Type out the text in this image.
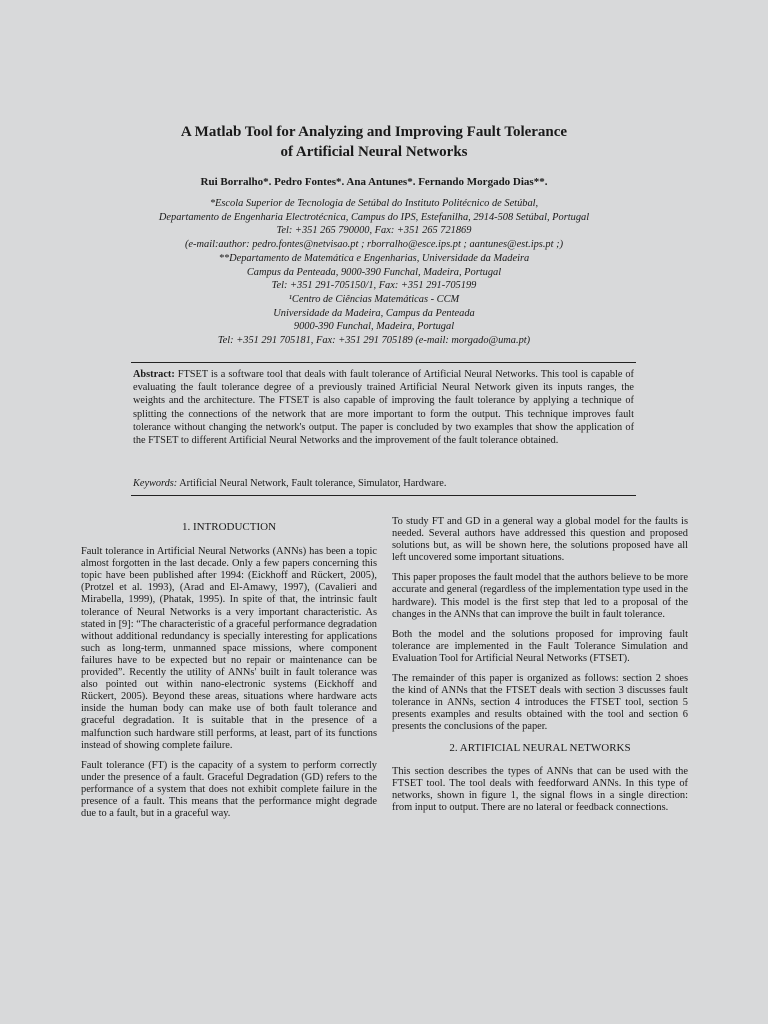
A Matlab Tool for Analyzing and Improving Fault Tolerance
of Artificial Neural Networks
Rui Borralho*. Pedro Fontes*. Ana Antunes*. Fernando Morgado Dias**.
*Escola Superior de Tecnologia de Setúbal do Instituto Politécnico de Setúbal,
Departamento de Engenharia Electrotécnica, Campus do IPS, Estefanilha, 2914-508 Setúbal, Portugal
Tel: +351 265 790000, Fax: +351 265 721869
(e-mail:author: pedro.fontes@netvisao.pt ; rborralho@esce.ips.pt ; aantunes@est.ips.pt ;)
**Departamento de Matemática e Engenharias, Universidade da Madeira
Campus da Penteada, 9000-390 Funchal, Madeira, Portugal
Tel: +351 291-705150/1, Fax: +351 291-705199
¹Centro de Ciências Matemáticas - CCM
Universidade da Madeira, Campus da Penteada
9000-390 Funchal, Madeira, Portugal
Tel: +351 291 705181, Fax: +351 291 705189 (e-mail: morgado@uma.pt)
Abstract: FTSET is a software tool that deals with fault tolerance of Artificial Neural Networks. This tool is capable of evaluating the fault tolerance degree of a previously trained Artificial Neural Network given its inputs ranges, the weights and the architecture. The FTSET is also capable of improving the fault tolerance by applying a technique of splitting the connections of the network that are more important to form the output. This technique improves fault tolerance without changing the network's output. The paper is concluded by two examples that show the application of the FTSET to different Artificial Neural Networks and the improvement of the fault tolerance obtained.
Keywords: Artificial Neural Network, Fault tolerance, Simulator, Hardware.
1. INTRODUCTION

Fault tolerance in Artificial Neural Networks (ANNs) has been a topic almost forgotten in the last decade. Only a few papers concerning this topic have been published after 1994: (Eickhoff and Rückert, 2005), (Protzel et al. 1993), (Arad and El-Amawy, 1997), (Cavalieri and Mirabella, 1999), (Phatak, 1995). In spite of that, the intrinsic fault tolerance of Neural Networks is a very important characteristic. As stated in [9]: “The characteristic of a graceful performance degradation without additional redundancy is specially interesting for applications such as long-term, unmanned space missions, where component failures have to be expected but no repair or maintenance can be provided”. Recently the utility of ANNs' built in fault tolerance was also pointed out within nano-electronic systems (Eickhoff and Rückert, 2005). Beyond these areas, situations where hardware acts inside the human body can make use of both fault tolerance and graceful degradation. It is suitable that in the presence of a malfunction such hardware still performs, at least, part of its functions instead of showing complete failure.

Fault tolerance (FT) is the capacity of a system to perform correctly under the presence of a fault. Graceful Degradation (GD) refers to the performance of a system that does not exhibit complete failure in the presence of a fault. This means that the performance might degrade due to a fault, but in a graceful way.

To study FT and GD in a general way a global model for the faults is needed. Several authors have addressed this question and proposed solutions but, as will be shown here, the solutions proposed have all left uncovered some important situations.

This paper proposes the fault model that the authors believe to be more accurate and general (regardless of the implementation type used in the hardware). This model is the first step that led to a proposal of the changes in the ANNs that can improve the built in fault tolerance.

Both the model and the solutions proposed for improving fault tolerance are implemented in the Fault Tolerance Simulation and Evaluation Tool for Artificial Neural Networks (FTSET).

The remainder of this paper is organized as follows: section 2 shoes the kind of ANNs that the FTSET deals with section 3 discusses fault tolerance in ANNs, section 4 introduces the FTSET tool, section 5 presents examples and results obtained with the tool and section 6 presents the conclusions of the paper.

2. ARTIFICIAL NEURAL NETWORKS

This section describes the types of ANNs that can be used with the FTSET tool. The tool deals with feedforward ANNs. In this type of networks, shown in figure 1, the signal flows in a single direction: from input to output. There are no lateral or feedback connections.
